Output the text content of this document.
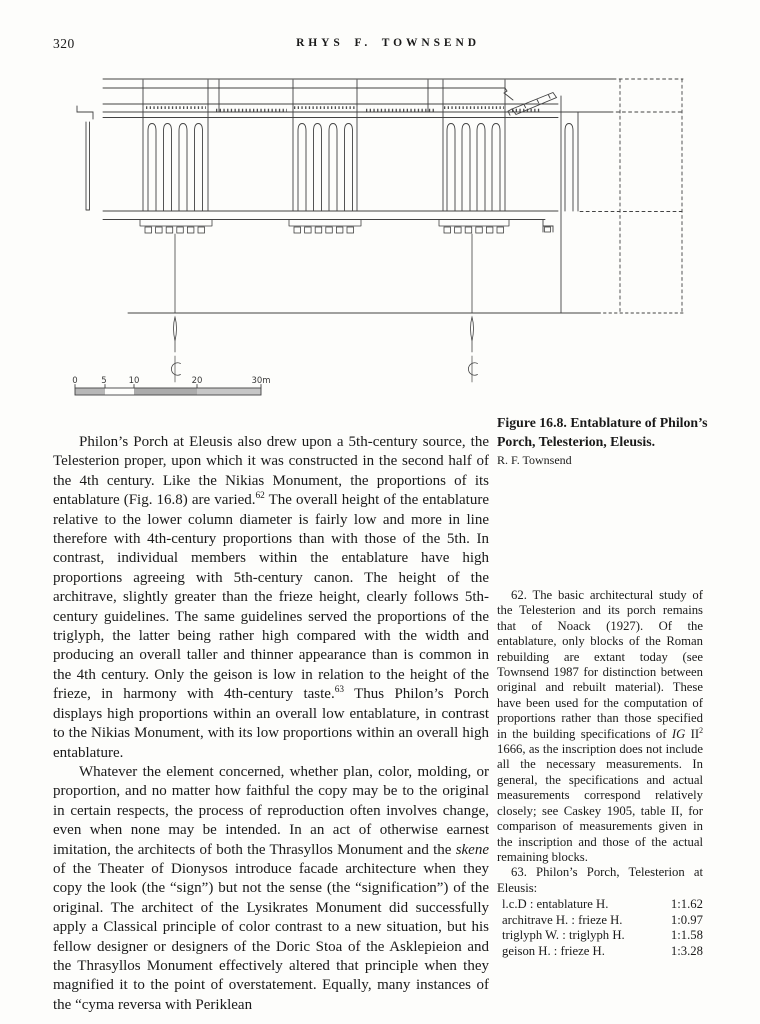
320	RHYS F. TOWNSEND
0	5	10	20	30m
Figure 16.8. Entablature of Philon’s Porch, Telesterion, Eleusis.
R. F. Townsend

Philon’s Porch at Eleusis also drew upon a 5th-century source, the Telesterion proper, upon which it was constructed in the second half of the 4th century. Like the Nikias Monument, the proportions of its entablature (Fig. 16.8) are varied.$^{62}$ The overall height of the entablature relative to the lower column diameter is fairly low and more in line therefore with 4th-century proportions than with those of the 5th. In contrast, individual members within the entablature have high proportions agreeing with 5th-century canon. The height of the architrave, slightly greater than the frieze height, clearly follows 5th-century guidelines. The same guidelines served the proportions of the triglyph, the latter being rather high compared with the width and producing an overall taller and thinner appearance than is common in the 4th century. Only the geison is low in relation to the height of the frieze, in harmony with 4th-century taste.$^{63}$ Thus Philon’s Porch displays high proportions within an overall low entablature, in contrast to the Nikias Monument, with its low proportions within an overall high entablature.

Whatever the element concerned, whether plan, color, molding, or proportion, and no matter how faithful the copy may be to the original in certain respects, the process of reproduction often involves change, even when none may be intended. In an act of otherwise earnest imitation, the architects of both the Thrasyllos Monument and the skene of the Theater of Dionysos introduce facade architecture when they copy the look (the “sign”) but not the sense (the “signification”) of the original. The architect of the Lysikrates Monument did successfully apply a Classical principle of color contrast to a new situation, but his fellow designer or designers of the Doric Stoa of the Asklepieion and the Thrasyllos Monument effectively altered that principle when they magnified it to the point of overstatement. Equally, many instances of the “cyma reversa with Periklean

62. The basic architectural study of the Telesterion and its porch remains that of Noack (1927). Of the entablature, only blocks of the Roman rebuilding are extant today (see Townsend 1987 for distinction between original and rebuilt material). These have been used for the computation of proportions rather than those specified in the building specifications of IG $II^2$ 1666, as the inscription does not include all the necessary measurements. In general, the specifications and actual measurements correspond relatively closely; see Caskey 1905, table II, for comparison of measurements given in the inscription and those of the actual remaining blocks.

63. Philon’s Porch, Telesterion at Eleusis:

l.c.D : entablature H.	1:1.62
architrave H. : frieze H.	1:0.97
triglyph W. : triglyph H.	1:1.58
geison H. : frieze H.	1:3.28
